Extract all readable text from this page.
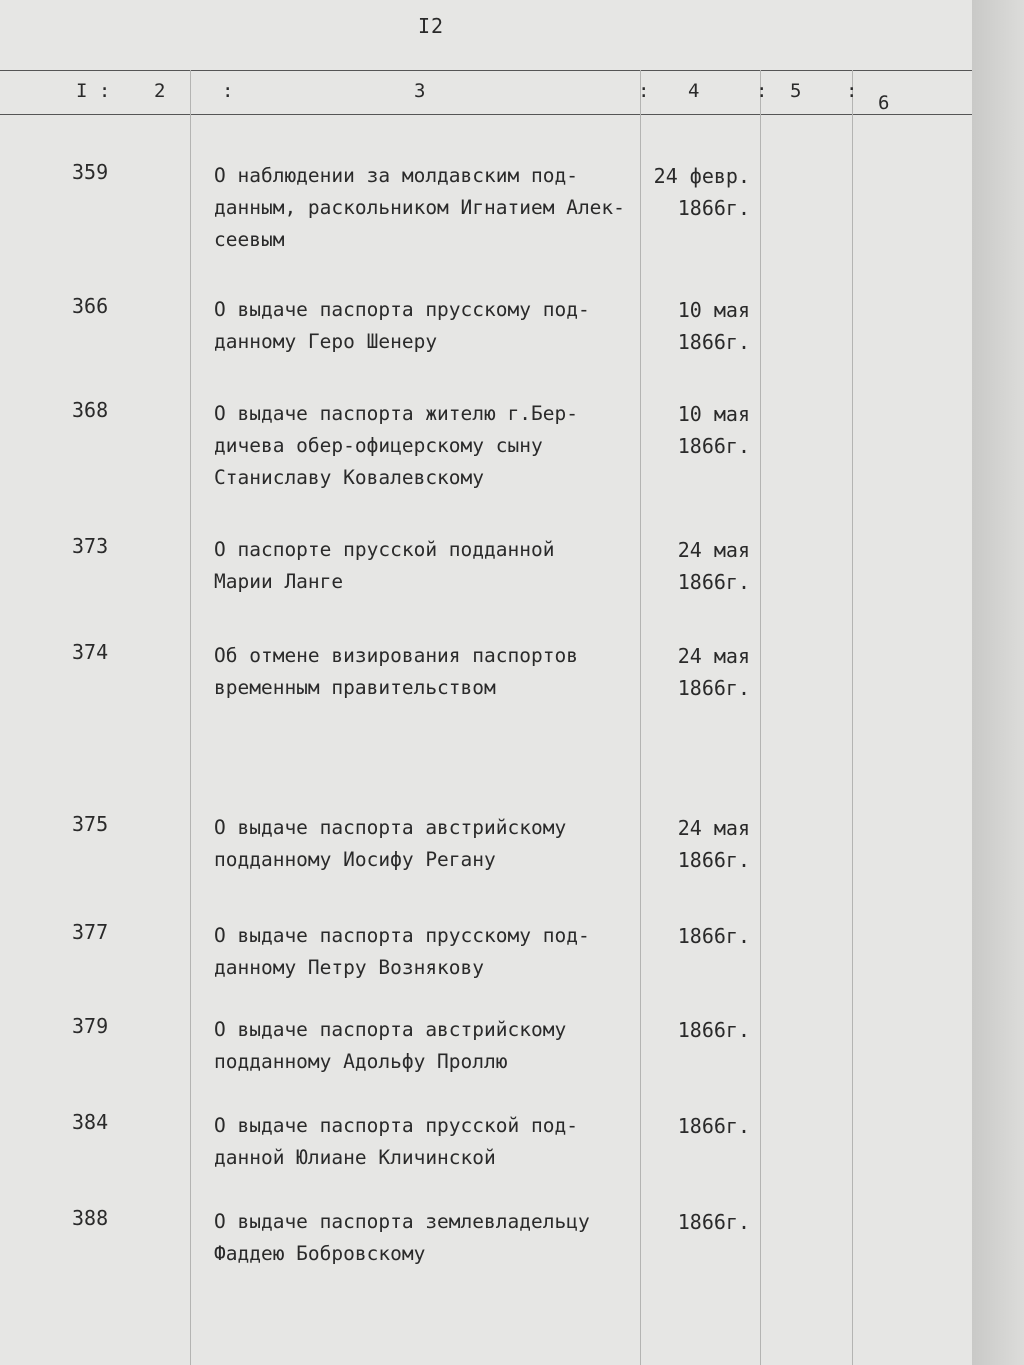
I2
I : 2	:	3	: 4	: 5 :
6
359	О наблюдении за молдавским под-
данным, раскольником Игнатием Алек-
сеевым
24 февр.
1866г.
366	О выдаче паспорта прусскому под-
данному Геро Шенеру
10 мая
1866г.
368	О выдаче паспорта жителю г.Бер-
дичева обер-офицерскому сыну
Станиславу Ковалевскому
10 мая
1866г.
373	О паспорте прусской подданной
Марии Ланге
24 мая
1866г.
374	Об отмене визирования паспортов
временным правительством
24 мая
1866г.
375	О выдаче паспорта австрийскому
подданному Иосифу Регану
24 мая
1866г.
377	О выдаче паспорта прусскому под-
данному Петру Вознякову
1866г.
379	О выдаче паспорта австрийскому
подданному Адольфу Проллю
1866г.
384	О выдаче паспорта прусской под-
данной Юлиане Кличинской
1866г.
388	О выдаче паспорта землевладельцу
Фаддею Бобровскому
1866г.
